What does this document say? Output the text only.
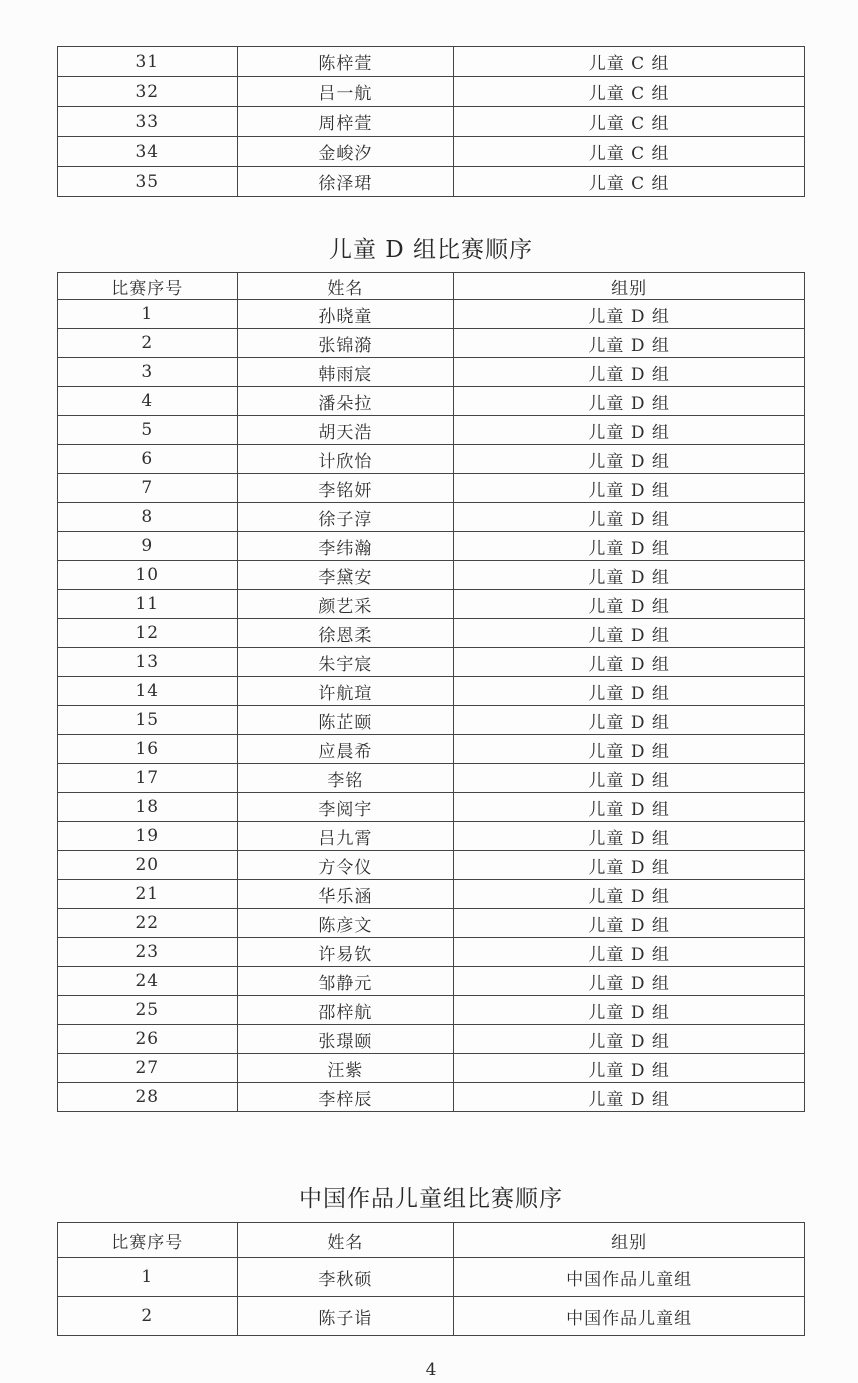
31	陈梓萱	儿童 C 组
32	吕一航	儿童 C 组
33	周梓萱	儿童 C 组
34	金峻汐	儿童 C 组
35	徐泽珺	儿童 C 组
儿童 D 组比赛顺序
比赛序号	姓名	组别
1	孙晓童	儿童 D 组
2	张锦漪	儿童 D 组
3	韩雨宸	儿童 D 组
4	潘朵拉	儿童 D 组
5	胡天浩	儿童 D 组
6	计欣怡	儿童 D 组
7	李铭妍	儿童 D 组
8	徐子淳	儿童 D 组
9	李纬瀚	儿童 D 组
10	李黛安	儿童 D 组
11	颜艺采	儿童 D 组
12	徐恩柔	儿童 D 组
13	朱宇宸	儿童 D 组
14	许航瑄	儿童 D 组
15	陈芷颐	儿童 D 组
16	应晨希	儿童 D 组
17	李铭	儿童 D 组
18	李阅宇	儿童 D 组
19	吕九霄	儿童 D 组
20	方令仪	儿童 D 组
21	华乐涵	儿童 D 组
22	陈彦文	儿童 D 组
23	许易钦	儿童 D 组
24	邹静元	儿童 D 组
25	邵梓航	儿童 D 组
26	张璟颐	儿童 D 组
27	汪紫	儿童 D 组
28	李梓辰	儿童 D 组
中国作品儿童组比赛顺序
比赛序号	姓名	组别
1	李秋硕	中国作品儿童组
2	陈子诣	中国作品儿童组
4
